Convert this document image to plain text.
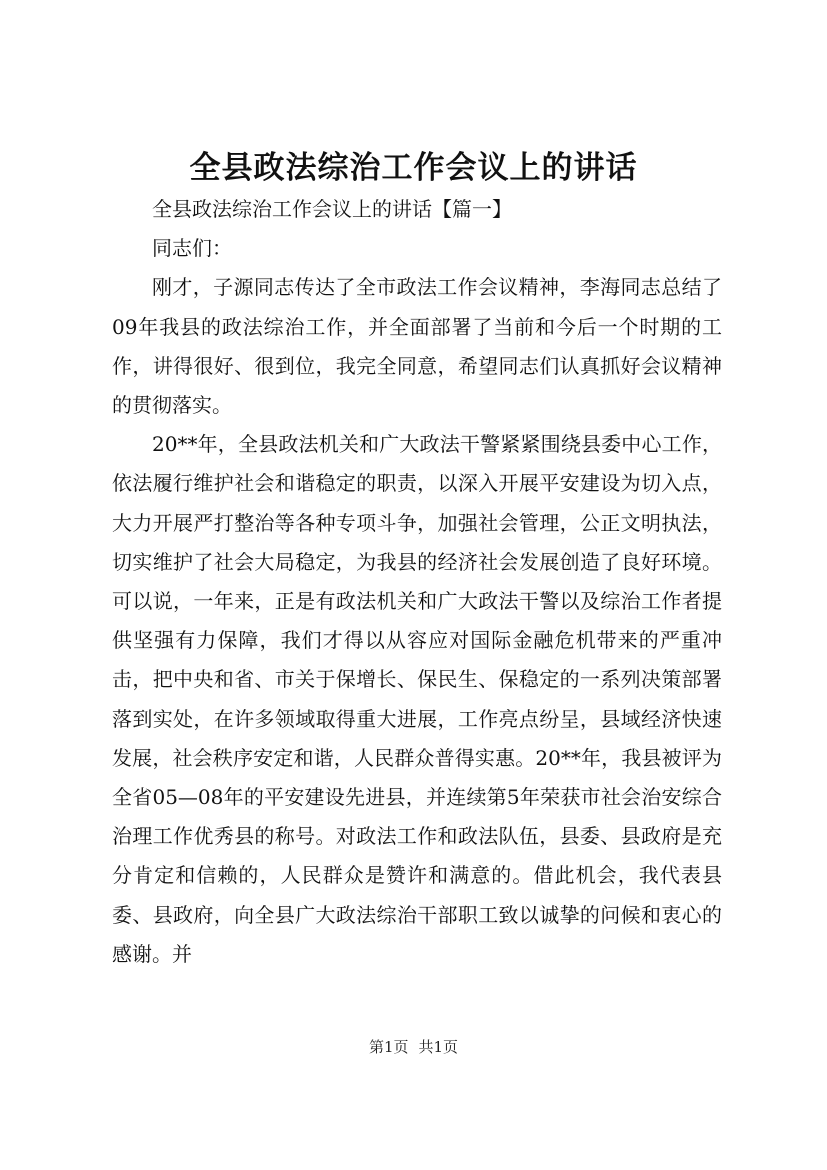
全县政法综治工作会议上的讲话

全县政法综治工作会议上的讲话【篇一】

同志们：

刚才，子源同志传达了全市政法工作会议精神，李海同志总结了09年我县的政法综治工作，并全面部署了当前和今后一个时期的工作，讲得很好、很到位，我完全同意，希望同志们认真抓好会议精神的贯彻落实。

20**年，全县政法机关和广大政法干警紧紧围绕县委中心工作，依法履行维护社会和谐稳定的职责，以深入开展平安建设为切入点，大力开展严打整治等各种专项斗争，加强社会管理，公正文明执法，切实维护了社会大局稳定，为我县的经济社会发展创造了良好环境。可以说，一年来，正是有政法机关和广大政法干警以及综治工作者提供坚强有力保障，我们才得以从容应对国际金融危机带来的严重冲击，把中央和省、市关于保增长、保民生、保稳定的一系列决策部署落到实处，在许多领域取得重大进展，工作亮点纷呈，县域经济快速发展，社会秩序安定和谐，人民群众普得实惠。20**年，我县被评为全省05—08年的平安建设先进县，并连续第5年荣获市社会治安综合治理工作优秀县的称号。对政法工作和政法队伍，县委、县政府是充分肯定和信赖的，人民群众是赞许和满意的。借此机会，我代表县委、县政府，向全县广大政法综治干部职工致以诚挚的问候和衷心的感谢。并

第1页 共1页
